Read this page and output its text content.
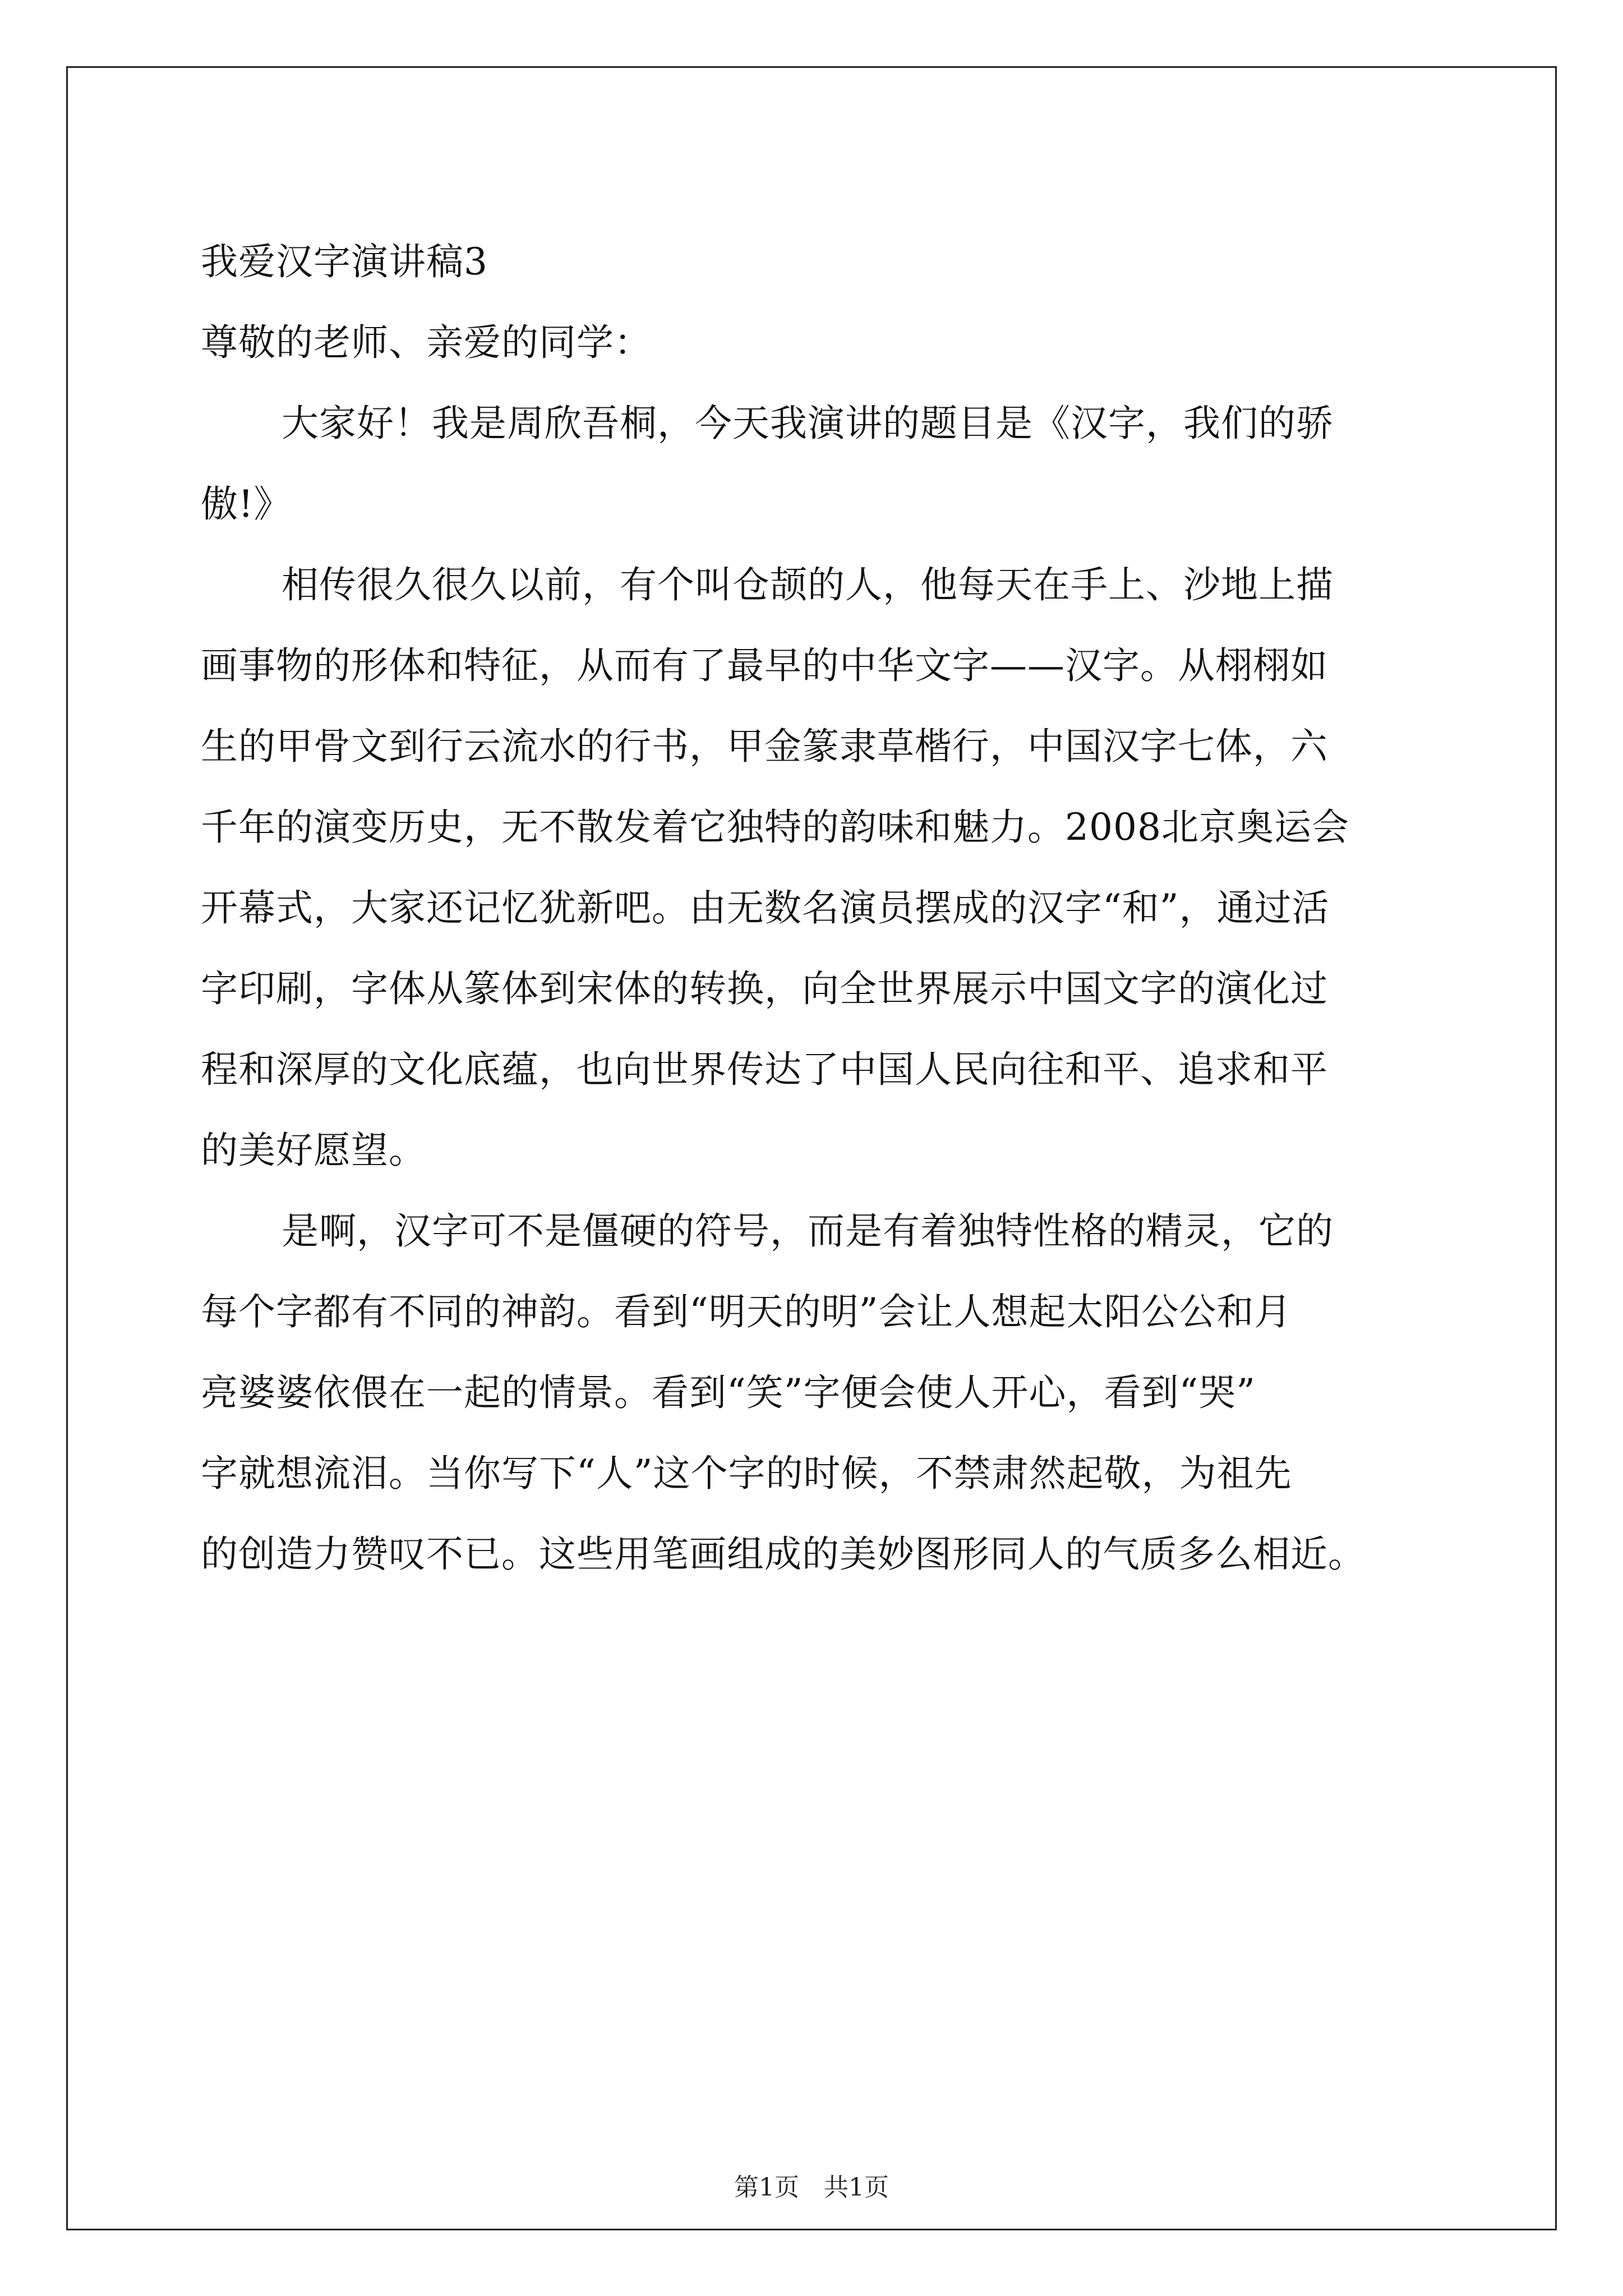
我爱汉字演讲稿3
尊敬的老师、亲爱的同学：
大家好！我是周欣吾桐，今天我演讲的题目是《汉字，我们的骄
傲!》
相传很久很久以前，有个叫仓颉的人，他每天在手上、沙地上描
画事物的形体和特征，从而有了最早的中华文字——汉字。从栩栩如
生的甲骨文到行云流水的行书，甲金篆隶草楷行，中国汉字七体，六
千年的演变历史，无不散发着它独特的韵味和魅力。2008北京奥运会
开幕式，大家还记忆犹新吧。由无数名演员摆成的汉字“和”，通过活
字印刷，字体从篆体到宋体的转换，向全世界展示中国文字的演化过
程和深厚的文化底蕴，也向世界传达了中国人民向往和平、追求和平
的美好愿望。
是啊，汉字可不是僵硬的符号，而是有着独特性格的精灵，它的
每个字都有不同的神韵。看到“明天的明”会让人想起太阳公公和月
亮婆婆依偎在一起的情景。看到“笑”字便会使人开心，看到“哭”
字就想流泪。当你写下“人”这个字的时候，不禁肃然起敬，为祖先
的创造力赞叹不已。这些用笔画组成的美妙图形同人的气质多么相近。
第1页　共1页
